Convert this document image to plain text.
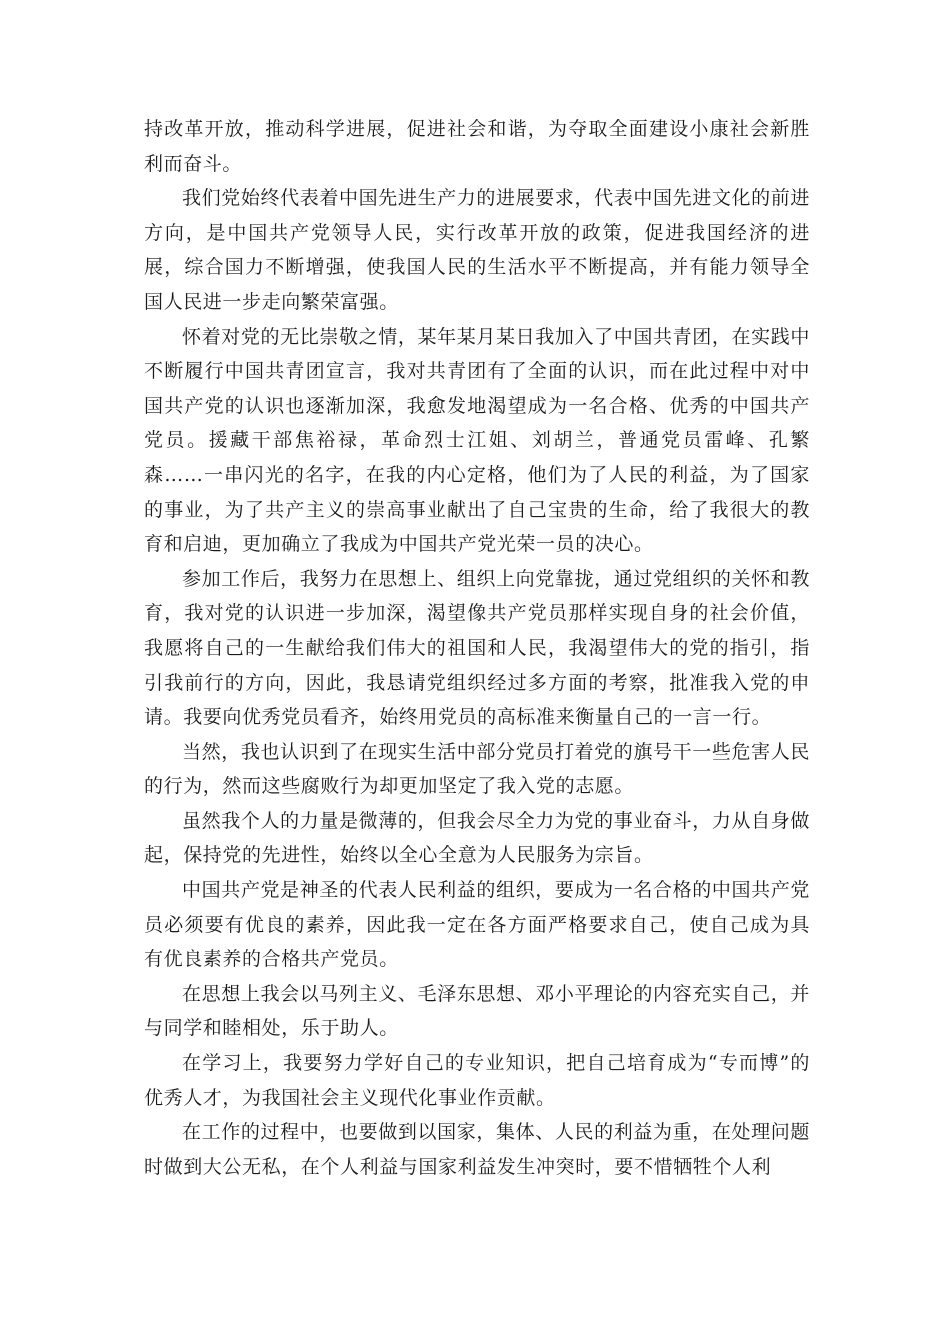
持改革开放，推动科学进展，促进社会和谐，为夺取全面建设小康社会新胜利而奋斗。

我们党始终代表着中国先进生产力的进展要求，代表中国先进文化的前进方向，是中国共产党领导人民，实行改革开放的政策，促进我国经济的进展，综合国力不断增强，使我国人民的生活水平不断提高，并有能力领导全国人民进一步走向繁荣富强。

怀着对党的无比崇敬之情，某年某月某日我加入了中国共青团，在实践中不断履行中国共青团宣言，我对共青团有了全面的认识，而在此过程中对中国共产党的认识也逐渐加深，我愈发地渴望成为一名合格、优秀的中国共产党员。援藏干部焦裕禄，革命烈士江姐、刘胡兰，普通党员雷峰、孔繁森……一串闪光的名字，在我的内心定格，他们为了人民的利益，为了国家的事业，为了共产主义的崇高事业献出了自己宝贵的生命，给了我很大的教育和启迪，更加确立了我成为中国共产党光荣一员的决心。

参加工作后，我努力在思想上、组织上向党靠拢，通过党组织的关怀和教育，我对党的认识进一步加深，渴望像共产党员那样实现自身的社会价值，我愿将自己的一生献给我们伟大的祖国和人民，我渴望伟大的党的指引，指引我前行的方向，因此，我恳请党组织经过多方面的考察，批准我入党的申请。我要向优秀党员看齐，始终用党员的高标准来衡量自己的一言一行。

当然，我也认识到了在现实生活中部分党员打着党的旗号干一些危害人民的行为，然而这些腐败行为却更加坚定了我入党的志愿。

虽然我个人的力量是微薄的，但我会尽全力为党的事业奋斗，力从自身做起，保持党的先进性，始终以全心全意为人民服务为宗旨。

中国共产党是神圣的代表人民利益的组织，要成为一名合格的中国共产党员必须要有优良的素养，因此我一定在各方面严格要求自己，使自己成为具有优良素养的合格共产党员。

在思想上我会以马列主义、毛泽东思想、邓小平理论的内容充实自己，并与同学和睦相处，乐于助人。

在学习上，我要努力学好自己的专业知识，把自己培育成为“专而博”的优秀人才，为我国社会主义现代化事业作贡献。

在工作的过程中，也要做到以国家，集体、人民的利益为重，在处理问题时做到大公无私，在个人利益与国家利益发生冲突时，要不惜牺牲个人利
